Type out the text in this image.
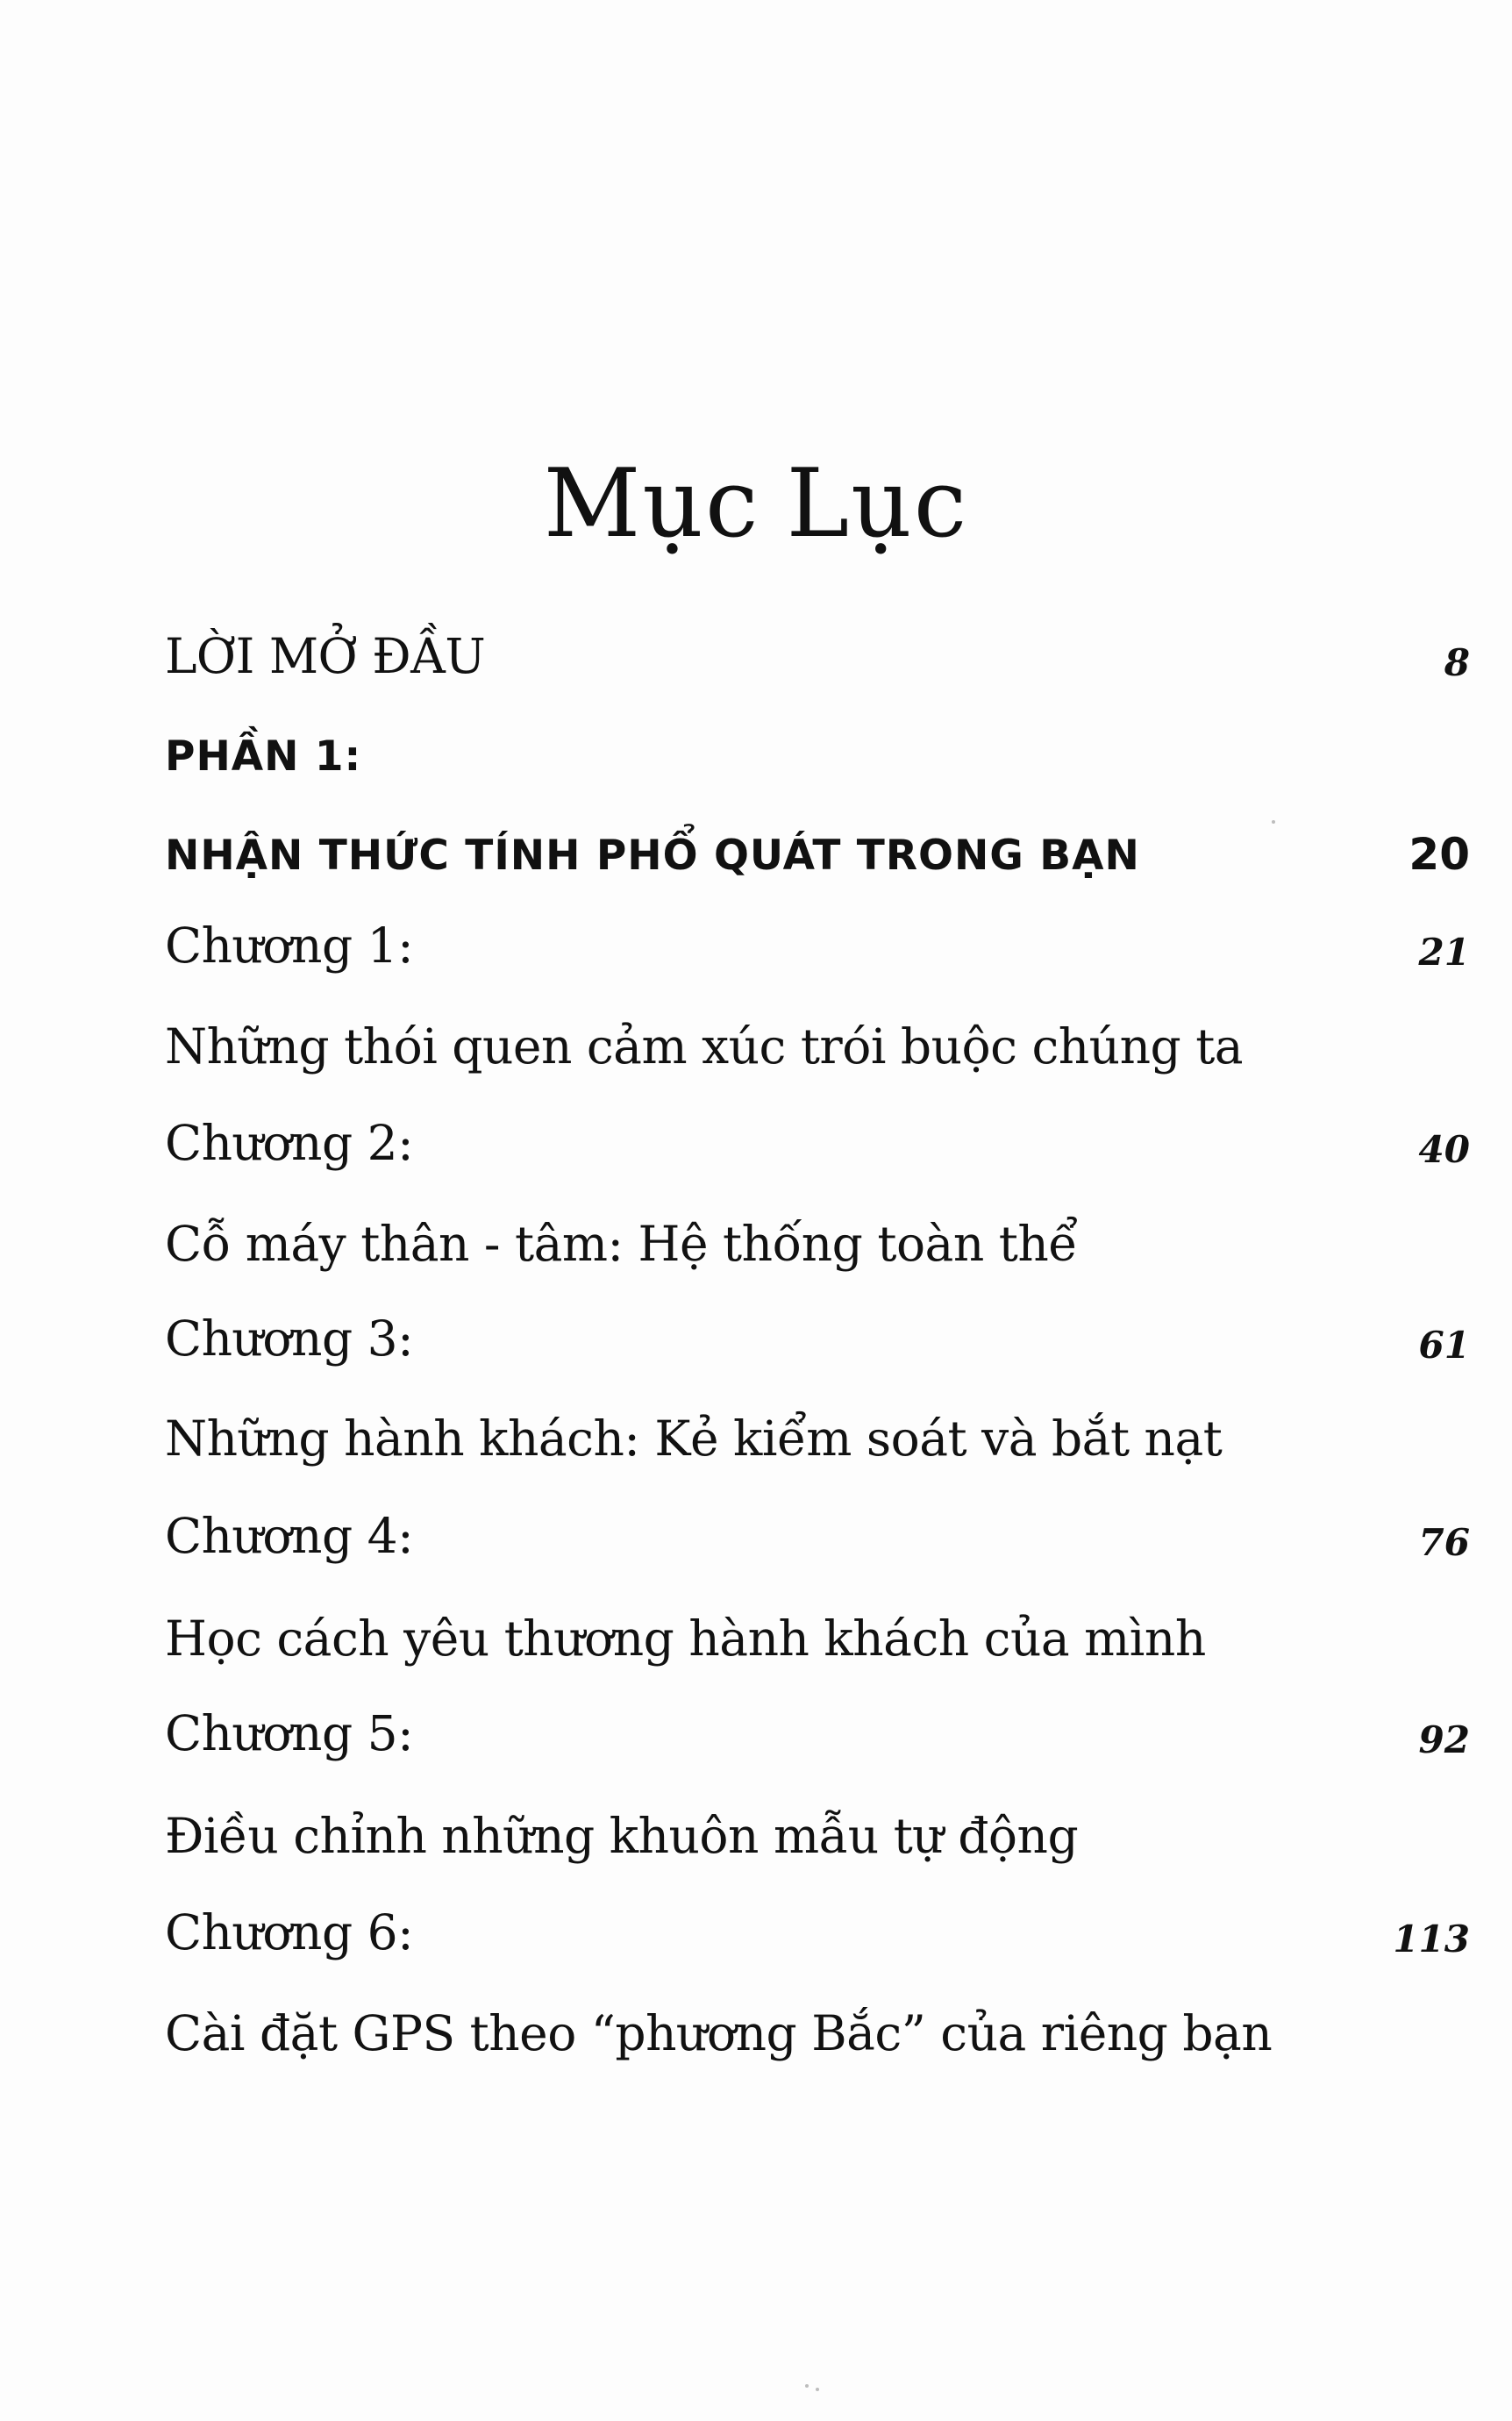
Mục Lục
LỜI MỞ ĐẦU	8
PHẦN 1:
NHẬN THỨC TÍNH PHỔ QUÁT TRONG BẠN	20
Chương 1:	21
Những thói quen cảm xúc trói buộc chúng ta
Chương 2:	40
Cỗ máy thân - tâm: Hệ thống toàn thể
Chương 3:	61
Những hành khách: Kẻ kiểm soát và bắt nạt
Chương 4:	76
Học cách yêu thương hành khách của mình
Chương 5:	92
Điều chỉnh những khuôn mẫu tự động
Chương 6:	113
Cài đặt GPS theo “phương Bắc” của riêng bạn
